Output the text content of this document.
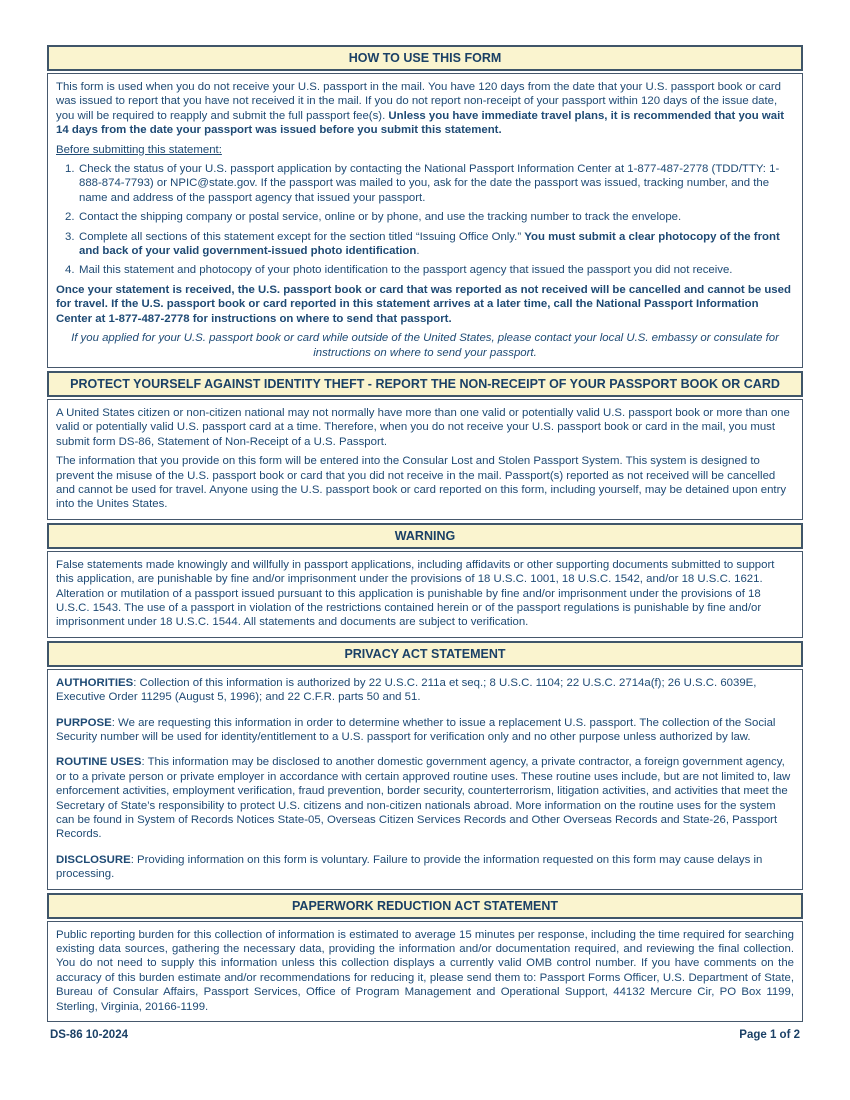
HOW TO USE THIS FORM
This form is used when you do not receive your U.S. passport in the mail. You have 120 days from the date that your U.S. passport book or card was issued to report that you have not received it in the mail. If you do not report non-receipt of your passport within 120 days of the issue date, you will be required to reapply and submit the full passport fee(s). Unless you have immediate travel plans, it is recommended that you wait 14 days from the date your passport was issued before you submit this statement.
Before submitting this statement:
1. Check the status of your U.S. passport application by contacting the National Passport Information Center at 1-877-487-2778 (TDD/TTY: 1-888-874-7793) or NPIC@state.gov. If the passport was mailed to you, ask for the date the passport was issued, tracking number, and the name and address of the passport agency that issued your passport.
2. Contact the shipping company or postal service, online or by phone, and use the tracking number to track the envelope.
3. Complete all sections of this statement except for the section titled “Issuing Office Only.” You must submit a clear photocopy of the front and back of your valid government-issued photo identification.
4. Mail this statement and photocopy of your photo identification to the passport agency that issued the passport you did not receive.
Once your statement is received, the U.S. passport book or card that was reported as not received will be cancelled and cannot be used for travel. If the U.S. passport book or card reported in this statement arrives at a later time, call the National Passport Information Center at 1-877-487-2778 for instructions on where to send that passport.
If you applied for your U.S. passport book or card while outside of the United States, please contact your local U.S. embassy or consulate for instructions on where to send your passport.
PROTECT YOURSELF AGAINST IDENTITY THEFT - REPORT THE NON-RECEIPT OF YOUR PASSPORT BOOK OR CARD
A United States citizen or non-citizen national may not normally have more than one valid or potentially valid U.S. passport book or more than one valid or potentially valid U.S. passport card at a time. Therefore, when you do not receive your U.S. passport book or card in the mail, you must submit form DS-86, Statement of Non-Receipt of a U.S. Passport.
The information that you provide on this form will be entered into the Consular Lost and Stolen Passport System. This system is designed to prevent the misuse of the U.S. passport book or card that you did not receive in the mail. Passport(s) reported as not received will be cancelled and cannot be used for travel. Anyone using the U.S. passport book or card reported on this form, including yourself, may be detained upon entry into the Unites States.
WARNING
False statements made knowingly and willfully in passport applications, including affidavits or other supporting documents submitted to support this application, are punishable by fine and/or imprisonment under the provisions of 18 U.S.C. 1001, 18 U.S.C. 1542, and/or 18 U.S.C. 1621. Alteration or mutilation of a passport issued pursuant to this application is punishable by fine and/or imprisonment under the provisions of 18 U.S.C. 1543. The use of a passport in violation of the restrictions contained herein or of the passport regulations is punishable by fine and/or imprisonment under 18 U.S.C. 1544. All statements and documents are subject to verification.
PRIVACY ACT STATEMENT
AUTHORITIES: Collection of this information is authorized by 22 U.S.C. 211a et seq.; 8 U.S.C. 1104; 22 U.S.C. 2714a(f); 26 U.S.C. 6039E, Executive Order 11295 (August 5, 1996); and 22 C.F.R. parts 50 and 51.
PURPOSE: We are requesting this information in order to determine whether to issue a replacement U.S. passport. The collection of the Social Security number will be used for identity/entitlement to a U.S. passport for verification only and no other purpose unless authorized by law.
ROUTINE USES: This information may be disclosed to another domestic government agency, a private contractor, a foreign government agency, or to a private person or private employer in accordance with certain approved routine uses. These routine uses include, but are not limited to, law enforcement activities, employment verification, fraud prevention, border security, counterterrorism, litigation activities, and activities that meet the Secretary of State’s responsibility to protect U.S. citizens and non-citizen nationals abroad. More information on the routine uses for the system can be found in System of Records Notices State-05, Overseas Citizen Services Records and Other Overseas Records and State-26, Passport Records.
DISCLOSURE: Providing information on this form is voluntary. Failure to provide the information requested on this form may cause delays in processing.
PAPERWORK REDUCTION ACT STATEMENT
Public reporting burden for this collection of information is estimated to average 15 minutes per response, including the time required for searching existing data sources, gathering the necessary data, providing the information and/or documentation required, and reviewing the final collection. You do not need to supply this information unless this collection displays a currently valid OMB control number. If you have comments on the accuracy of this burden estimate and/or recommendations for reducing it, please send them to: Passport Forms Officer, U.S. Department of State, Bureau of Consular Affairs, Passport Services, Office of Program Management and Operational Support, 44132 Mercure Cir, PO Box 1199, Sterling, Virginia, 20166-1199.
DS-86 10-2024	Page 1 of 2
